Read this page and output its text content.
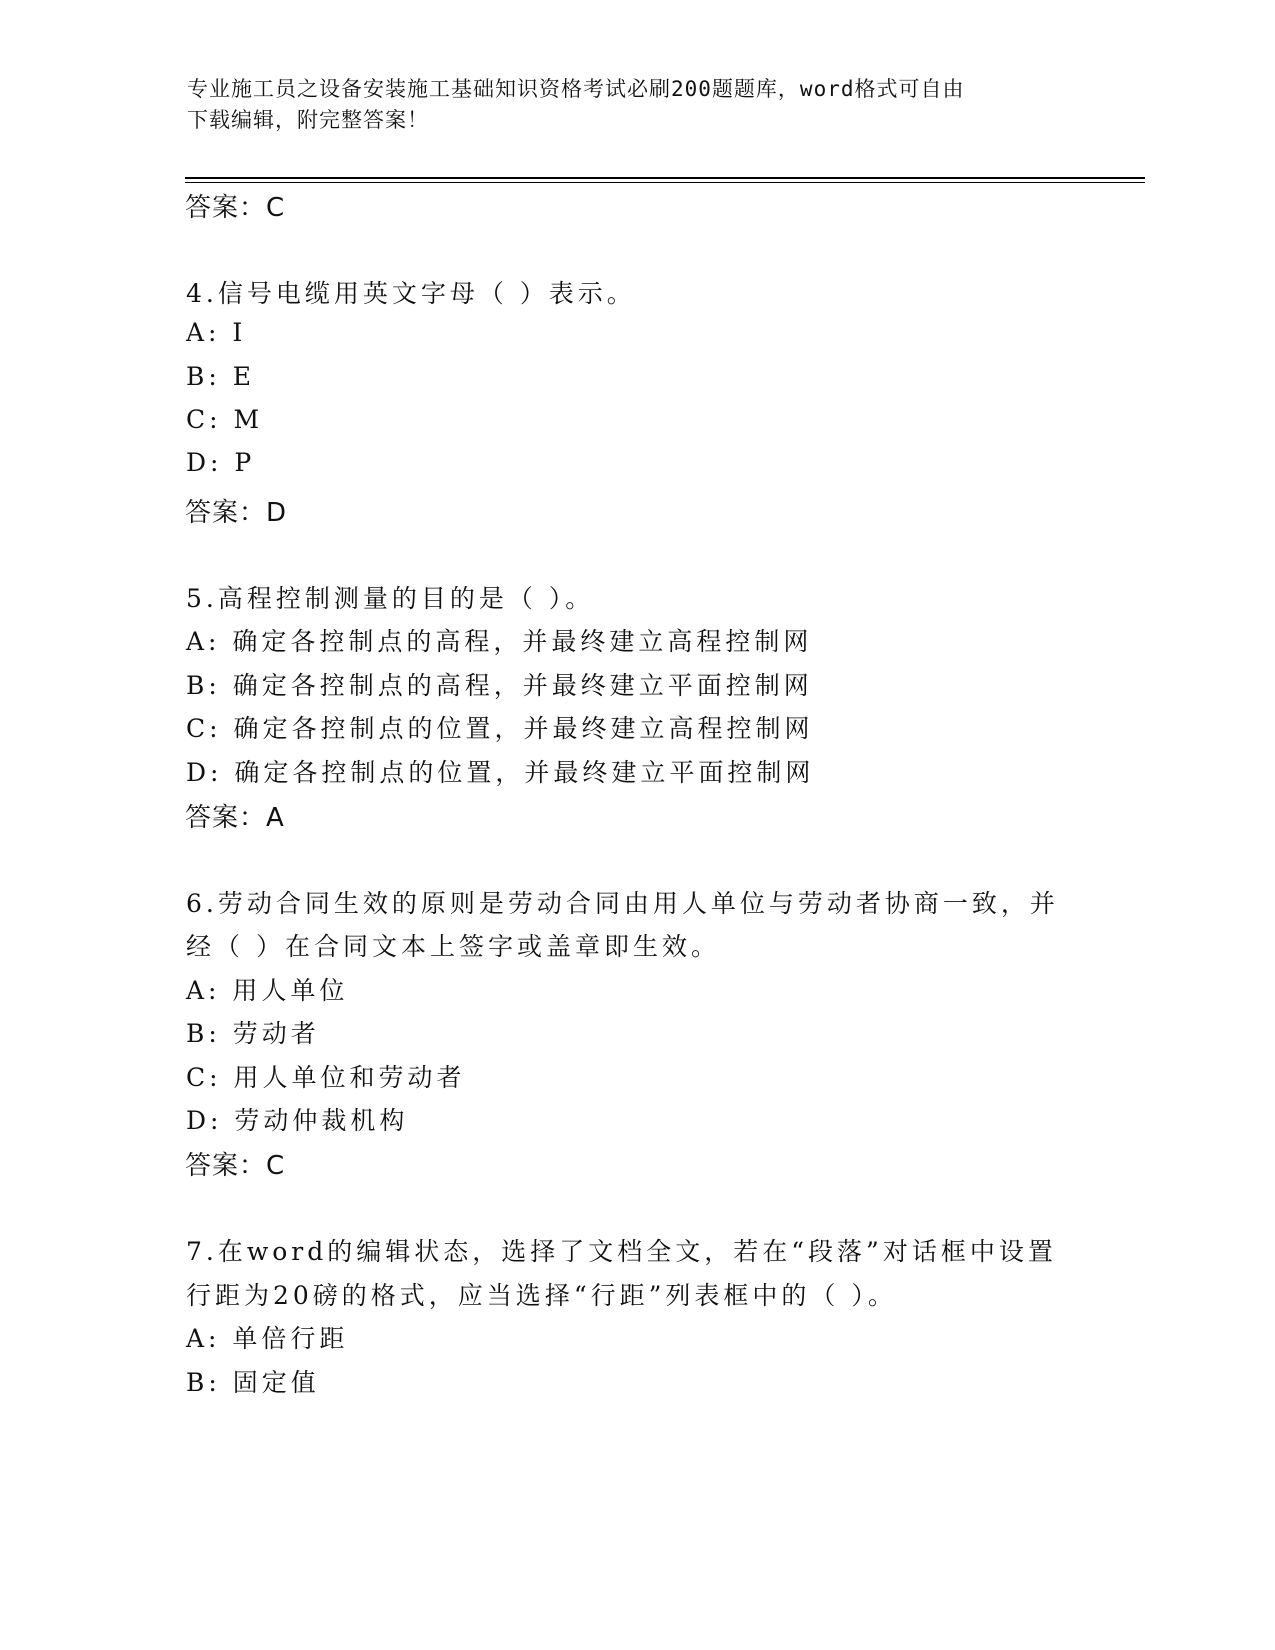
专业施工员之设备安装施工基础知识资格考试必刷200题题库，word格式可自由
下载编辑，附完整答案！
答案：C
4.信号电缆用英文字母（ ）表示。
A: I
B: E
C: M
D: P
答案：D
5.高程控制测量的目的是（ ）。
A: 确定各控制点的高程，并最终建立高程控制网
B: 确定各控制点的高程，并最终建立平面控制网
C: 确定各控制点的位置，并最终建立高程控制网
D: 确定各控制点的位置，并最终建立平面控制网
答案：A
6.劳动合同生效的原则是劳动合同由用人单位与劳动者协商一致，并
经（ ）在合同文本上签字或盖章即生效。
A: 用人单位
B: 劳动者
C: 用人单位和劳动者
D: 劳动仲裁机构
答案：C
7.在word的编辑状态，选择了文档全文，若在“段落”对话框中设置
行距为20磅的格式，应当选择“行距”列表框中的（ ）。
A: 单倍行距
B: 固定值
